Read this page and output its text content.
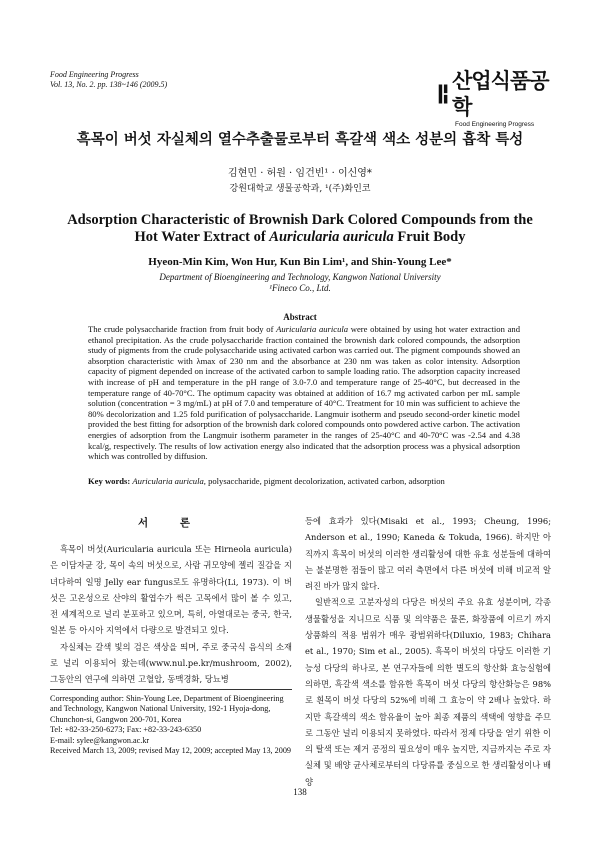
Food Engineering Progress
Vol. 13, No. 2. pp. 138~146 (2009.5)	산업식품공학
Food Engineering Progress
흑목이 버섯 자실체의 열수추출물로부터 흑갈색 색소 성분의 흡착 특성
김현민 · 허원 · 임건빈¹ · 이신영*
강원대학교 생물공학과, ¹(주)화인코
Adsorption Characteristic of Brownish Dark Colored Compounds from the
Hot Water Extract of Auricularia auricula Fruit Body
Hyeon-Min Kim, Won Hur, Kun Bin Lim¹, and Shin-Young Lee*
Department of Bioengineering and Technology, Kangwon National University
¹Fineco Co., Ltd.
Abstract
The crude polysaccharide fraction from fruit body of Auricularia auricula were obtained by using hot water extraction and ethanol precipitation. As the crude polysaccharide fraction contained the brownish dark colored compounds, the adsorption study of pigments from the crude polysaccharide using activated carbon was carried out. The pigment compounds showed an absorption characteristic with λmax of 230 nm and the absorbance at 230 nm was taken as color intensity. Adsorption capacity of pigment depended on increase of the activated carbon to sample loading ratio. The adsorption capacity increased with increase of pH and temperature in the pH range of 3.0-7.0 and temperature range of 25-40°C, but decreased in the temperature range of 40-70°C. The optimum capacity was obtained at addition of 16.7 mg activated carbon per mL sample solution (concentration = 3 mg/mL) at pH of 7.0 and temperature of 40°C. Treatment for 10 min was sufficient to achieve the 80% decolorization and 1.25 fold purification of polysaccharide. Langmuir isotherm and pseudo second-order kinetic model provided the best fitting for adsorption of the brownish dark colored compounds onto powdered active carbon. The activation energies of adsorption from the Langmuir isotherm parameter in the ranges of 25-40°C and 40-70°C was -2.54 and 4.38 kcal/g, respectively. The results of low activation energy also indicated that the adsorption process was a physical adsorption which was controlled by diffusion.
Key words: Auricularia auricula, polysaccharide, pigment decolorization, activated carbon, adsorption
서 론

흑목이 버섯(Auricularia auricula 또는 Hirneola auricula)은 이담자균 강, 목이 속의 버섯으로, 사람 귀모양에 젤리 질감을 지녀다하여 일명 Jelly ear fungus로도 유명하다(Li, 1973). 이 버섯은 고온성으로 산야의 활엽수가 썩은 고목에서 많이 볼 수 있고, 전 세계적으로 널리 분포하고 있으며, 특히, 아열대로는 중국, 한국, 일본 등 아시아 지역에서 다량으로 발견되고 있다.

자실체는 갈색 빛의 검은 색상을 띄며, 주로 중국식 음식의 소재로 널리 이용되어 왔는데(www.nul.pe.kr/mushroom, 2002), 그동안의 연구에 의하면 고혈압, 동맥경화, 당뇨병

등에 효과가 있다(Misaki et al., 1993; Cheung, 1996; Anderson et al., 1990; Kaneda & Tokuda, 1966). 하지만 아직까지 흑목이 버섯의 이러한 생리활성에 대한 유효 성분들에 대하여는 불분명한 점들이 많고 여러 측면에서 다른 버섯에 비해 비교적 알려진 바가 많지 않다.

일반적으로 고분자성의 다당은 버섯의 주요 유효 성분이며, 각종 생물활성을 지니므로 식품 및 의약품은 물론, 화장품에 이르기 까지 상품화의 적용 범위가 매우 광범위하다(Diluxio, 1983; Chihara et al., 1970; Sim et al., 2005). 흑목이 버섯의 다당도 이러한 기능성 다당의 하나로, 본 연구자들에 의한 별도의 항산화 효능실험에 의하면, 흑갈색 색소를 함유한 흑목이 버섯 다당의 항산화능은 98%로 흰목이 버섯 다당의 52%에 비해 그 효능이 약 2배나 높았다. 하지만 흑갈색의 색소 함유율이 높아 최종 제품의 색택에 영향을 주므로 그동안 널리 이용되지 못하였다. 따라서 정제 다당을 얻기 위한 이의 탈색 또는 제거 공정의 필요성이 매우 높지만, 지금까지는 주로 자실체 및 배양 균사체로부터의 다당류를 중심으로 한 생리활성이나 배양

Corresponding author: Shin-Young Lee, Department of Bioengineering and Technology, Kangwon National University, 192-1 Hyoja-dong, Chunchon-si, Gangwon 200-701, Korea
Tel: +82-33-250-6273; Fax: +82-33-243-6350
E-mail: sylee@kangwon.ac.kr
Received March 13, 2009; revised May 12, 2009; accepted May 13, 2009
138
